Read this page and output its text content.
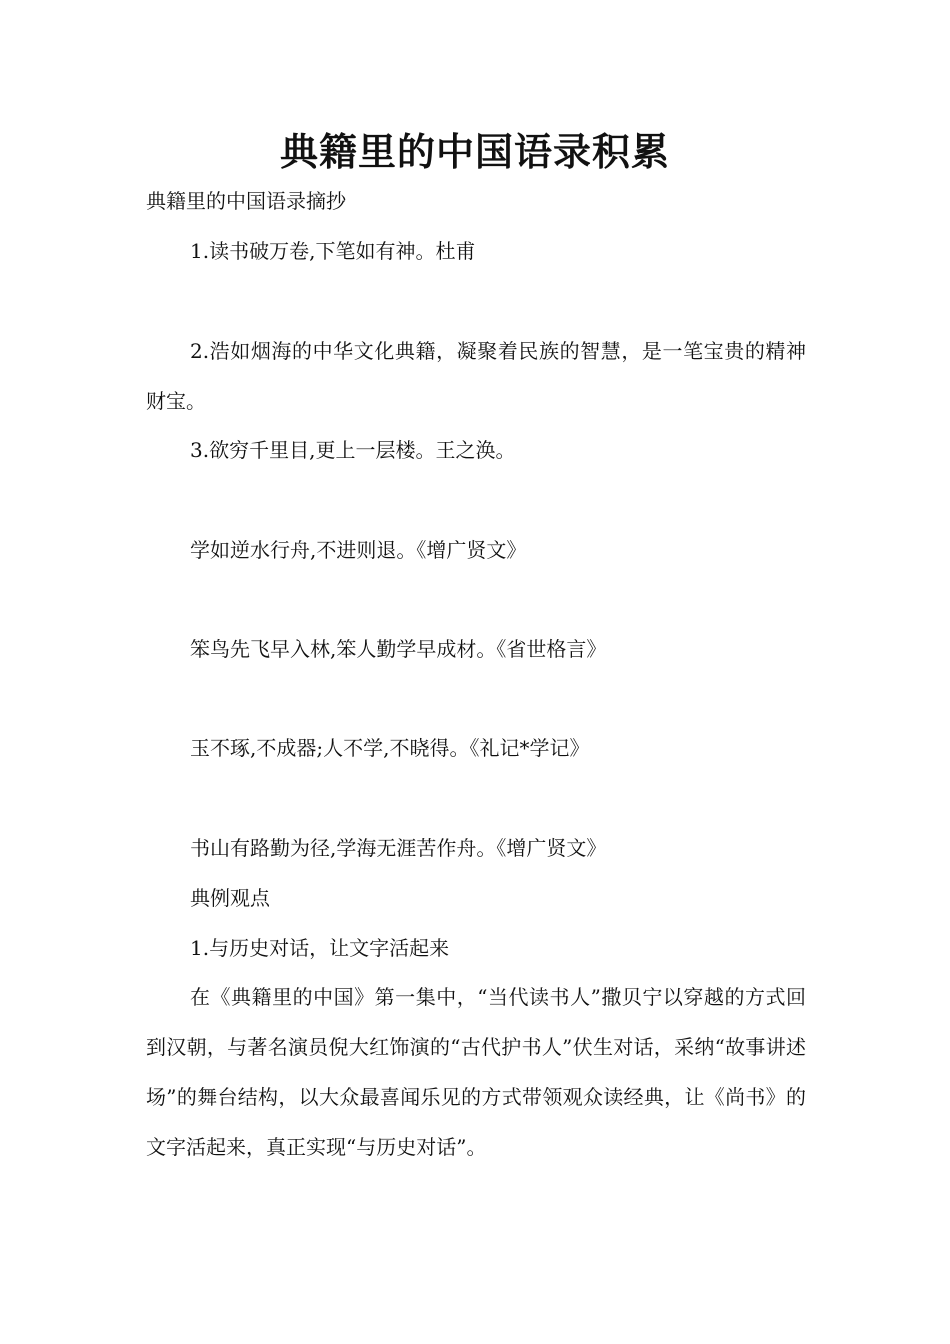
典籍里的中国语录积累
典籍里的中国语录摘抄
1.读书破万卷,下笔如有神。杜甫
2.浩如烟海的中华文化典籍，凝聚着民族的智慧，是一笔宝贵的精神财宝。
3.欲穷千里目,更上一层楼。王之涣。
学如逆水行舟,不进则退。《增广贤文》
笨鸟先飞早入林,笨人勤学早成材。《省世格言》
玉不琢,不成器;人不学,不晓得。《礼记*学记》
书山有路勤为径,学海无涯苦作舟。《增广贤文》
典例观点
1.与历史对话，让文字活起来
在《典籍里的中国》第一集中，“当代读书人”撒贝宁以穿越的方式回到汉朝，与著名演员倪大红饰演的“古代护书人”伏生对话，采纳“故事讲述场”的舞台结构，以大众最喜闻乐见的方式带领观众读经典，让《尚书》的文字活起来，真正实现“与历史对话”。
